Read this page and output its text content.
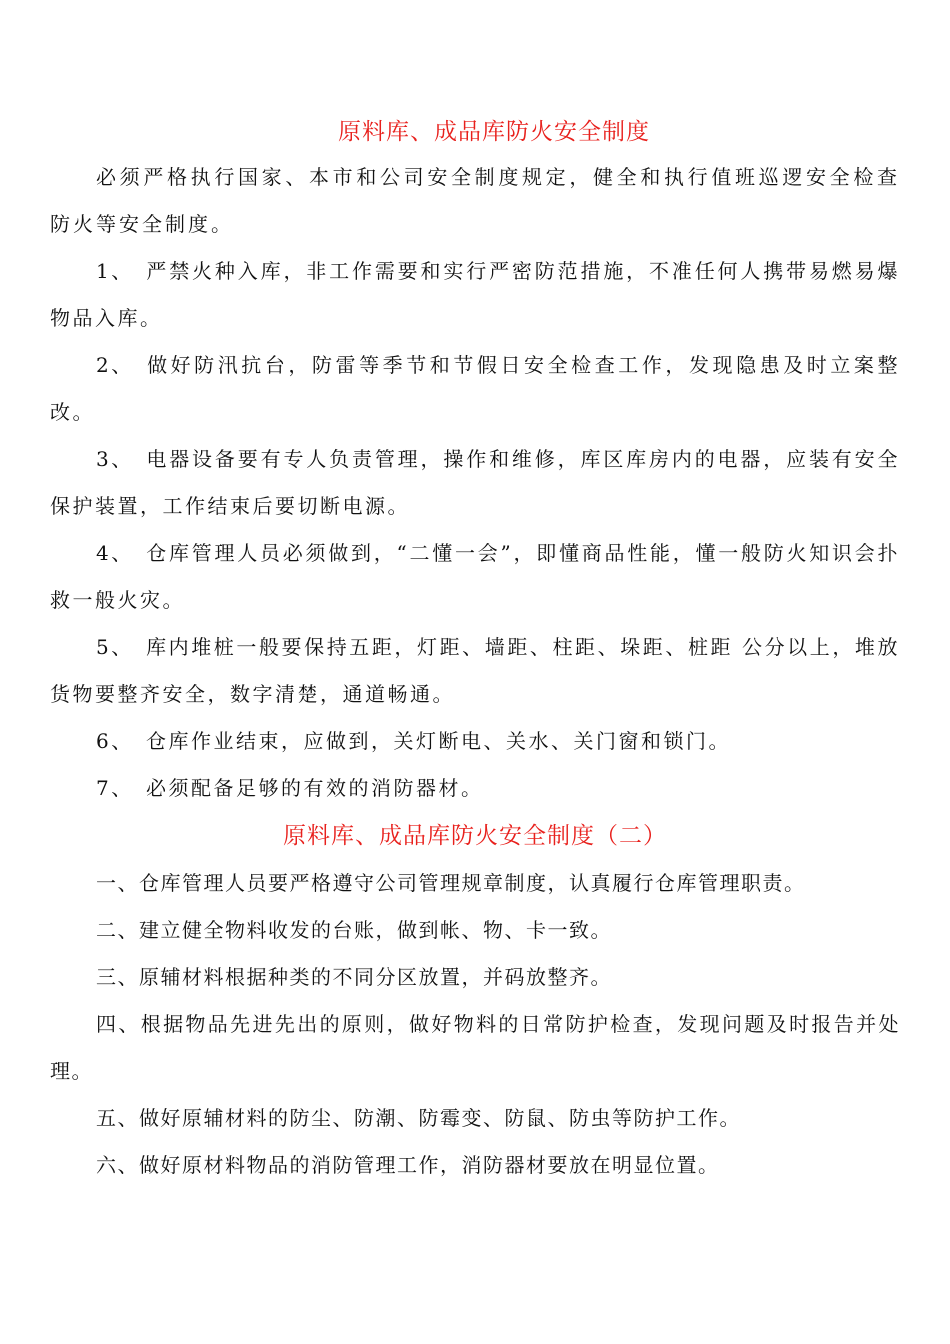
原料库、成品库防火安全制度

必须严格执行国家、本市和公司安全制度规定，健全和执行值班巡逻安全检查防火等安全制度。

1、 严禁火种入库，非工作需要和实行严密防范措施，不准任何人携带易燃易爆物品入库。

2、 做好防汛抗台，防雷等季节和节假日安全检查工作，发现隐患及时立案整改。

3、 电器设备要有专人负责管理，操作和维修，库区库房内的电器，应装有安全保护装置，工作结束后要切断电源。

4、 仓库管理人员必须做到，“二懂一会”，即懂商品性能，懂一般防火知识会扑救一般火灾。

5、 库内堆桩一般要保持五距，灯距、墙距、柱距、垛距、桩距 公分以上，堆放货物要整齐安全，数字清楚，通道畅通。

6、 仓库作业结束，应做到，关灯断电、关水、关门窗和锁门。

7、 必须配备足够的有效的消防器材。

原料库、成品库防火安全制度（二）

一、仓库管理人员要严格遵守公司管理规章制度，认真履行仓库管理职责。

二、建立健全物料收发的台账，做到帐、物、卡一致。

三、原辅材料根据种类的不同分区放置，并码放整齐。

四、根据物品先进先出的原则，做好物料的日常防护检查，发现问题及时报告并处理。

五、做好原辅材料的防尘、防潮、防霉变、防鼠、防虫等防护工作。

六、做好原材料物品的消防管理工作，消防器材要放在明显位置。
